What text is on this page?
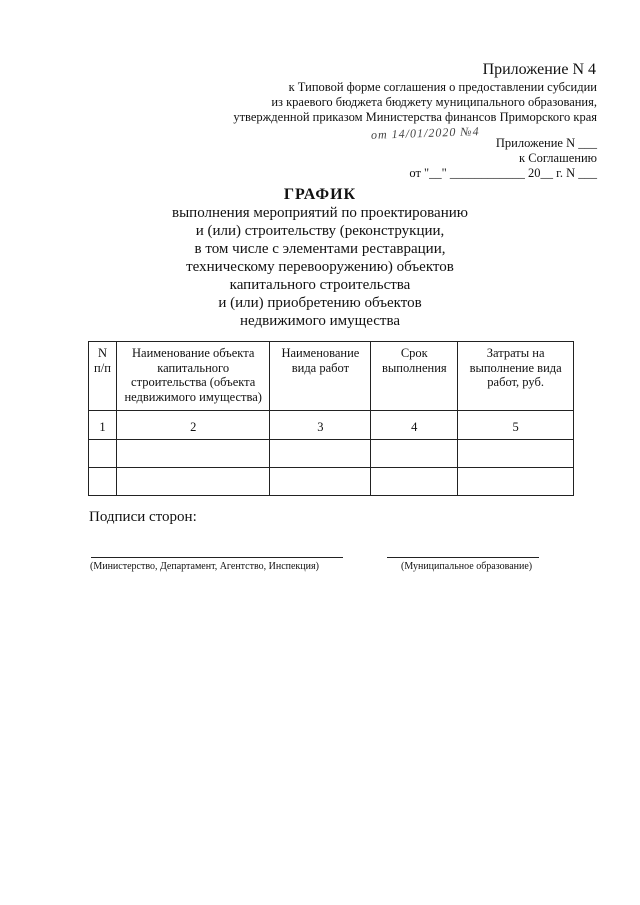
Приложение N 4
к Типовой форме соглашения о предоставлении субсидии
из краевого бюджета бюджету муниципального образования,
утвержденной приказом Министерства финансов Приморского края
от 14/01/2020 №4
Приложение N ___
к Соглашению
от "__" ____________ 20__ г. N ___
ГРАФИК
выполнения мероприятий по проектированию
и (или) строительству (реконструкции,
в том числе с элементами реставрации,
техническому перевооружению) объектов
капитального строительства
и (или) приобретению объектов
недвижимого имущества
N п/п	Наименование объекта капитального строительства (объекта недвижимого имущества)	Наименование вида работ	Срок выполнения	Затраты на выполнение вида работ, руб.
1	2	3	4	5

Подписи сторон:
(Министерство, Департамент, Агентство, Инспекция)	(Муниципальное образование)
